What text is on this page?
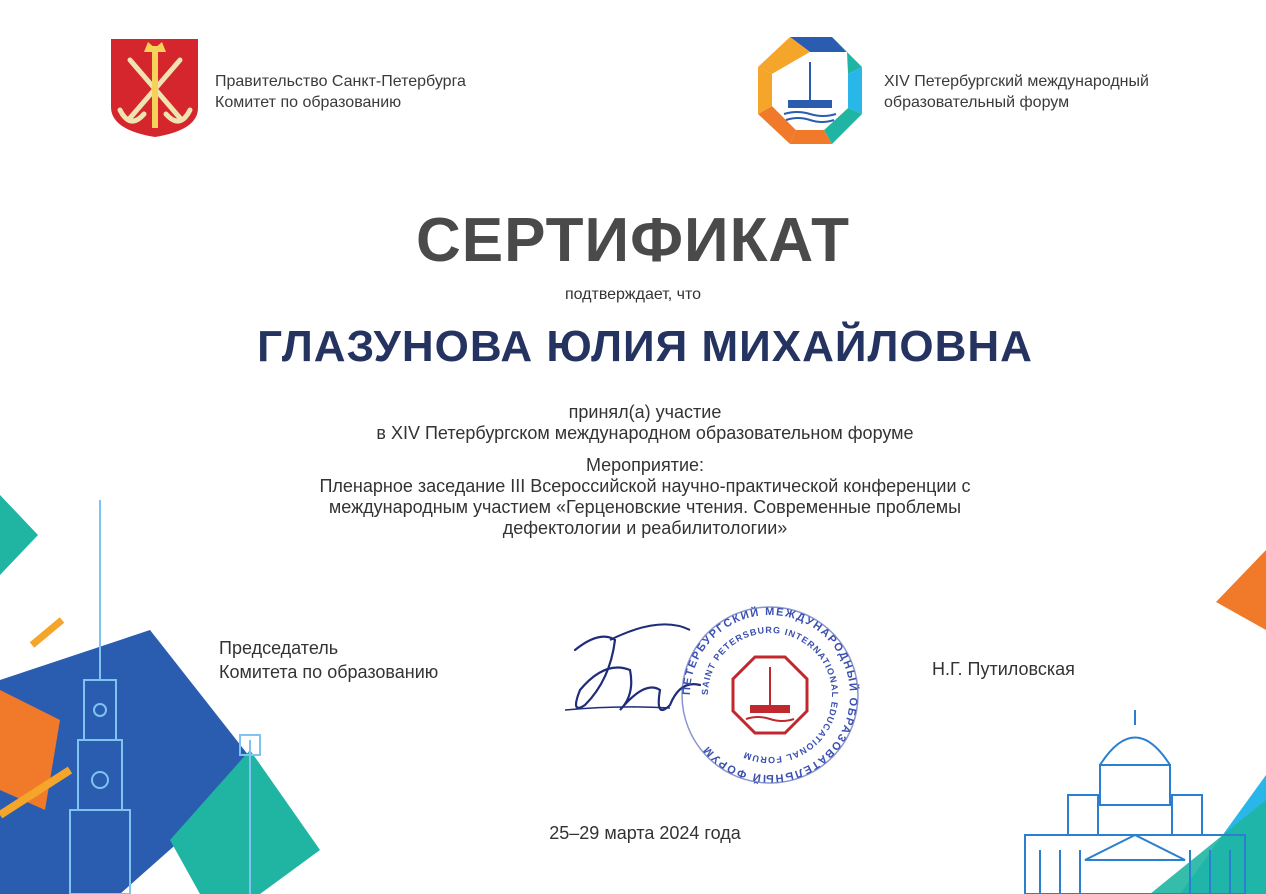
Правительство Санкт-Петербурга
Комитет по образованию
XIV Петербургский международный
образовательный форум
СЕРТИФИКАТ
подтверждает, что
ГЛАЗУНОВА ЮЛИЯ МИХАЙЛОВНА
принял(а) участие
в XIV Петербургском международном образовательном форуме
Мероприятие:
Пленарное заседание III Всероссийской научно-практической конференции с
международным участием «Герценовские чтения. Современные проблемы
дефектологии и реабилитологии»
Председатель
Комитета по образованию
ПЕТЕРБУРГСКИЙ МЕЖДУНАРОДНЫЙ ОБРАЗОВАТЕЛЬНЫЙ ФОРУМ
SAINT PETERSBURG INTERNATIONAL EDUCATIONAL FORUM
Н.Г. Путиловская
25–29 марта 2024 года
